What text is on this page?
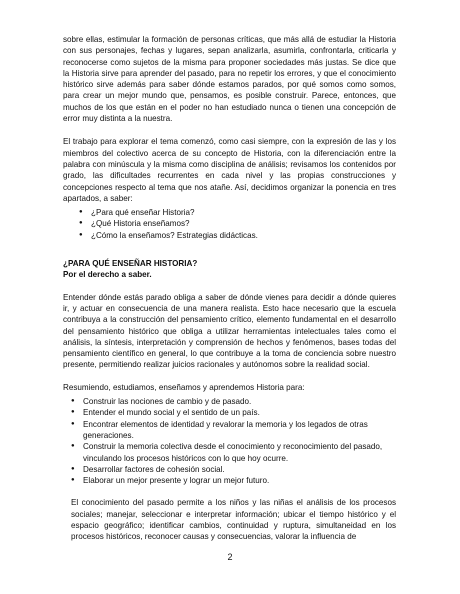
sobre ellas, estimular la formación de personas críticas, que más allá de estudiar la Historia con sus personajes, fechas y lugares, sepan analizarla, asumirla, confrontarla, criticarla y reconocerse como sujetos de la misma para proponer sociedades más justas. Se dice que la Historia sirve para aprender del pasado, para no repetir los errores, y que el conocimiento histórico sirve además para saber dónde estamos parados, por qué somos como somos, para crear un mejor mundo que, pensamos, es posible construir. Parece, entonces, que muchos de los que están en el poder no han estudiado nunca o tienen una concepción de error muy distinta a la nuestra.

El trabajo para explorar el tema comenzó, como casi siempre, con la expresión de las y los miembros del colectivo acerca de su concepto de Historia, con la diferenciación entre la palabra con minúscula y la misma como disciplina de análisis; revisamos los contenidos por grado, las dificultades recurrentes en cada nivel y las propias construcciones y concepciones respecto al tema que nos atañe. Así, decidimos organizar la ponencia en tres apartados, a saber:

● ¿Para qué enseñar Historia?
● ¿Qué Historia enseñamos?
● ¿Cómo la enseñamos? Estrategias didácticas.
¿PARA QUÉ ENSEÑAR HISTORIA?
Por el derecho a saber.

Entender dónde estás parado obliga a saber de dónde vienes para decidir a dónde quieres ir, y actuar en consecuencia de una manera realista. Esto hace necesario que la escuela contribuya a la construcción del pensamiento crítico, elemento fundamental en el desarrollo del pensamiento histórico que obliga a utilizar herramientas intelectuales tales como el análisis, la síntesis, interpretación y comprensión de hechos y fenómenos, bases todas del pensamiento científico en general, lo que contribuye a la toma de conciencia sobre nuestro presente, permitiendo realizar juicios racionales y autónomos sobre la realidad social.

Resumiendo, estudiamos, enseñamos y aprendemos Historia para:

● Construir las nociones de cambio y de pasado.
● Entender el mundo social y el sentido de un país.
● Encontrar elementos de identidad y revalorar la memoria y los legados de otras generaciones.
● Construir la memoria colectiva desde el conocimiento y reconocimiento del pasado, vinculando los procesos históricos con lo que hoy ocurre.
● Desarrollar factores de cohesión social.
● Elaborar un mejor presente y lograr un mejor futuro.

El conocimiento del pasado permite a los niños y las niñas el análisis de los procesos sociales; manejar, seleccionar e interpretar información; ubicar el tiempo histórico y el espacio geográfico; identificar cambios, continuidad y ruptura, simultaneidad en los procesos históricos, reconocer causas y consecuencias, valorar la influencia de

2
